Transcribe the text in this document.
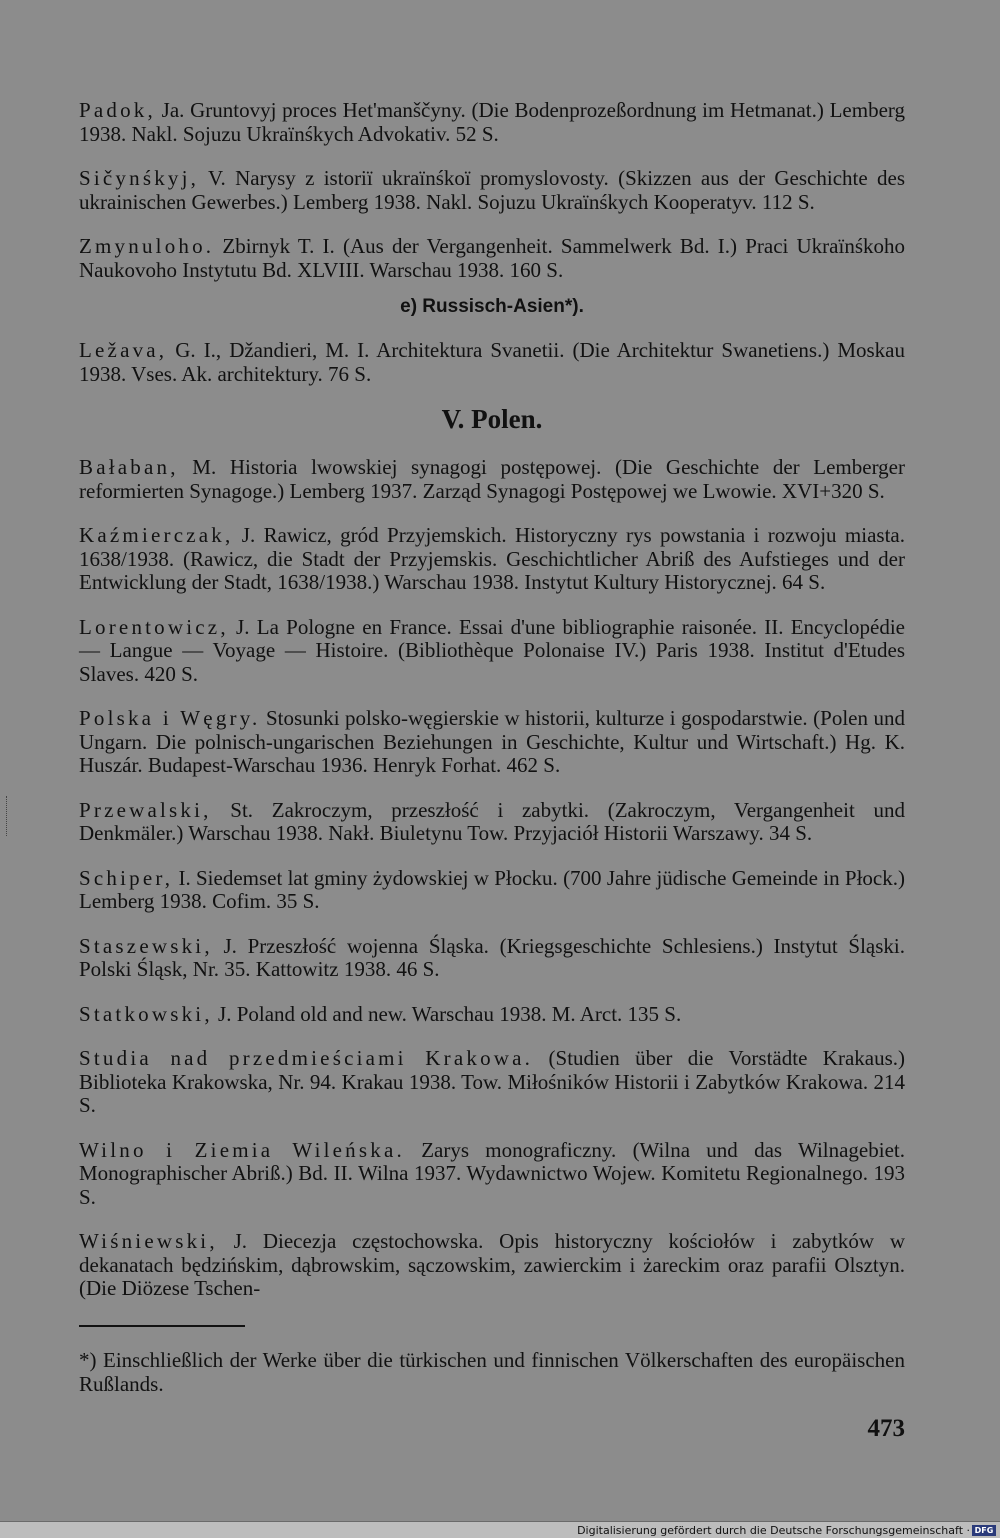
Padok, Ja. Gruntovyj proces Het'manščyny. (Die Bodenprozeßordnung im Hetmanat.) Lemberg 1938. Nakl. Sojuzu Ukraïnśkych Advokativ. 52 S.

Sičynśkyj, V. Narysy z istoriï ukraïnśkoï promyslovosty. (Skizzen aus der Geschichte des ukrainischen Gewerbes.) Lemberg 1938. Nakl. Sojuzu Ukraïnśkych Kooperatyv. 112 S.

Zmynuloho. Zbirnyk T. I. (Aus der Vergangenheit. Sammelwerk Bd. I.) Praci Ukraïnśkoho Naukovoho Instytutu Bd. XLVIII. Warschau 1938. 160 S.

e) Russisch-Asien*).

Ležava, G. I., Džandieri, M. I. Architektura Svanetii. (Die Architektur Swanetiens.) Moskau 1938. Vses. Ak. architektury. 76 S.

V. Polen.

Bałaban, M. Historia lwowskiej synagogi postępowej. (Die Geschichte der Lemberger reformierten Synagoge.) Lemberg 1937. Zarząd Synagogi Postępowej we Lwowie. XVI+320 S.

Kaźmierczak, J. Rawicz, gród Przyjemskich. Historyczny rys powstania i rozwoju miasta. 1638/1938. (Rawicz, die Stadt der Przyjemskis. Geschichtlicher Abriß des Aufstieges und der Entwicklung der Stadt, 1638/1938.) Warschau 1938. Instytut Kultury Historycznej. 64 S.

Lorentowicz, J. La Pologne en France. Essai d'une bibliographie raisonée. II. Encyclopédie — Langue — Voyage — Histoire. (Bibliothèque Polonaise IV.) Paris 1938. Institut d'Etudes Slaves. 420 S.

Polska i Węgry. Stosunki polsko-węgierskie w historii, kulturze i gospodarstwie. (Polen und Ungarn. Die polnisch-ungarischen Beziehungen in Geschichte, Kultur und Wirtschaft.) Hg. K. Huszár. Budapest-Warschau 1936. Henryk Forhat. 462 S.

Przewalski, St. Zakroczym, przeszłość i zabytki. (Zakroczym, Vergangenheit und Denkmäler.) Warschau 1938. Nakł. Biuletynu Tow. Przyjaciół Historii Warszawy. 34 S.

Schiper, I. Siedemset lat gminy żydowskiej w Płocku. (700 Jahre jüdische Gemeinde in Płock.) Lemberg 1938. Cofim. 35 S.

Staszewski, J. Przeszłość wojenna Śląska. (Kriegsgeschichte Schlesiens.) Instytut Śląski. Polski Śląsk, Nr. 35. Kattowitz 1938. 46 S.

Statkowski, J. Poland old and new. Warschau 1938. M. Arct. 135 S.

Studia nad przedmieściami Krakowa. (Studien über die Vorstädte Krakaus.) Biblioteka Krakowska, Nr. 94. Krakau 1938. Tow. Miłośników Historii i Zabytków Krakowa. 214 S.

Wilno i Ziemia Wileńska. Zarys monograficzny. (Wilna und das Wilnagebiet. Monographischer Abriß.) Bd. II. Wilna 1937. Wydawnictwo Wojew. Komitetu Regionalnego. 193 S.

Wiśniewski, J. Diecezja częstochowska. Opis historyczny kościołów i zabytków w dekanatach będzińskim, dąbrowskim, sączowskim, zawierckim i żareckim oraz parafii Olsztyn. (Die Diözese Tschen-

*) Einschließlich der Werke über die türkischen und finnischen Völkerschaften des europäischen Rußlands.
473
Digitalisierung gefördert durch die Deutsche Forschungsgemeinschaft · DFG
